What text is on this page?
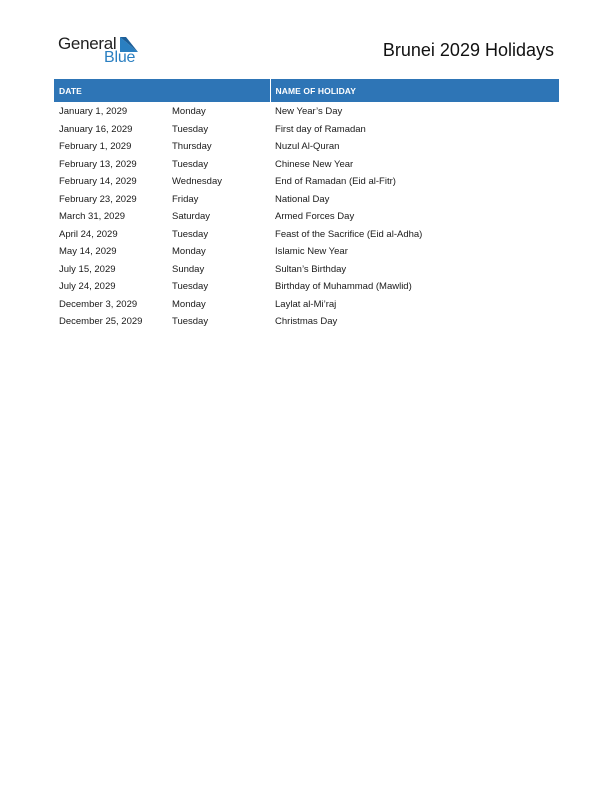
General
Blue	Brunei 2029 Holidays
DATE		NAME OF HOLIDAY
January 1, 2029	Monday	New Year’s Day
January 16, 2029	Tuesday	First day of Ramadan
February 1, 2029	Thursday	Nuzul Al-Quran
February 13, 2029	Tuesday	Chinese New Year
February 14, 2029	Wednesday	End of Ramadan (Eid al-Fitr)
February 23, 2029	Friday	National Day
March 31, 2029	Saturday	Armed Forces Day
April 24, 2029	Tuesday	Feast of the Sacrifice (Eid al-Adha)
May 14, 2029	Monday	Islamic New Year
July 15, 2029	Sunday	Sultan’s Birthday
July 24, 2029	Tuesday	Birthday of Muhammad (Mawlid)
December 3, 2029	Monday	Laylat al-Mi’raj
December 25, 2029	Tuesday	Christmas Day
